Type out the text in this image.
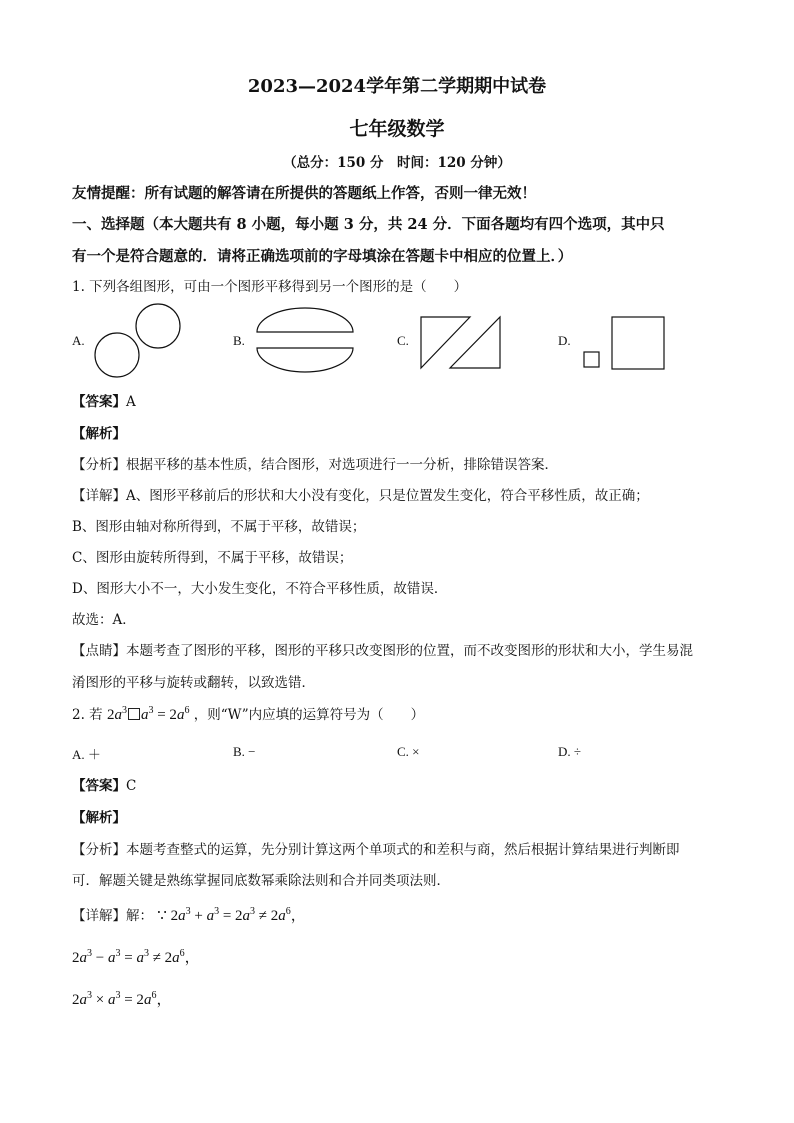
2023—2024学年第二学期期中试卷
七年级数学
（总分：150 分　时间：120 分钟）
友情提醒：所有试题的解答请在所提供的答题纸上作答，否则一律无效！
一、选择题（本大题共有 8 小题，每小题 3 分，共 24 分．下面各题均有四个选项，其中只
有一个是符合题意的．请将正确选项前的字母填涂在答题卡中相应的位置上．）
1. 下列各组图形，可由一个图形平移得到另一个图形的是（　　）
A.	B.	C.	D.
【答案】A
【解析】
【分析】根据平移的基本性质，结合图形，对选项进行一一分析，排除错误答案．
【详解】A、图形平移前后的形状和大小没有变化，只是位置发生变化，符合平移性质，故正确；
B、图形由轴对称所得到，不属于平移，故错误；
C、图形由旋转所得到，不属于平移，故错误；
D、图形大小不一，大小发生变化，不符合平移性质，故错误．
故选：A．
【点睛】本题考查了图形的平移，图形的平移只改变图形的位置，而不改变图形的形状和大小，学生易混
淆图形的平移与旋转或翻转，以致选错．
2. 若 $2a^3$ $a^3 = 2a^6$ ，则“W”内应填的运算符号为（　　）
A. ＋	B. −	C. ×	D. ÷
【答案】C
【解析】
【分析】本题考查整式的运算，先分别计算这两个单项式的和差积与商，然后根据计算结果进行判断即
可．解题关键是熟练掌握同底数幂乘除法则和合并同类项法则．
【详解】解： ∵ $2a^3 + a^3 = 2a^3 \ne 2a^6$，
$2a^3 - a^3 = a^3 \ne 2a^6$，
$2a^3 \times a^3 = 2a^6$，
